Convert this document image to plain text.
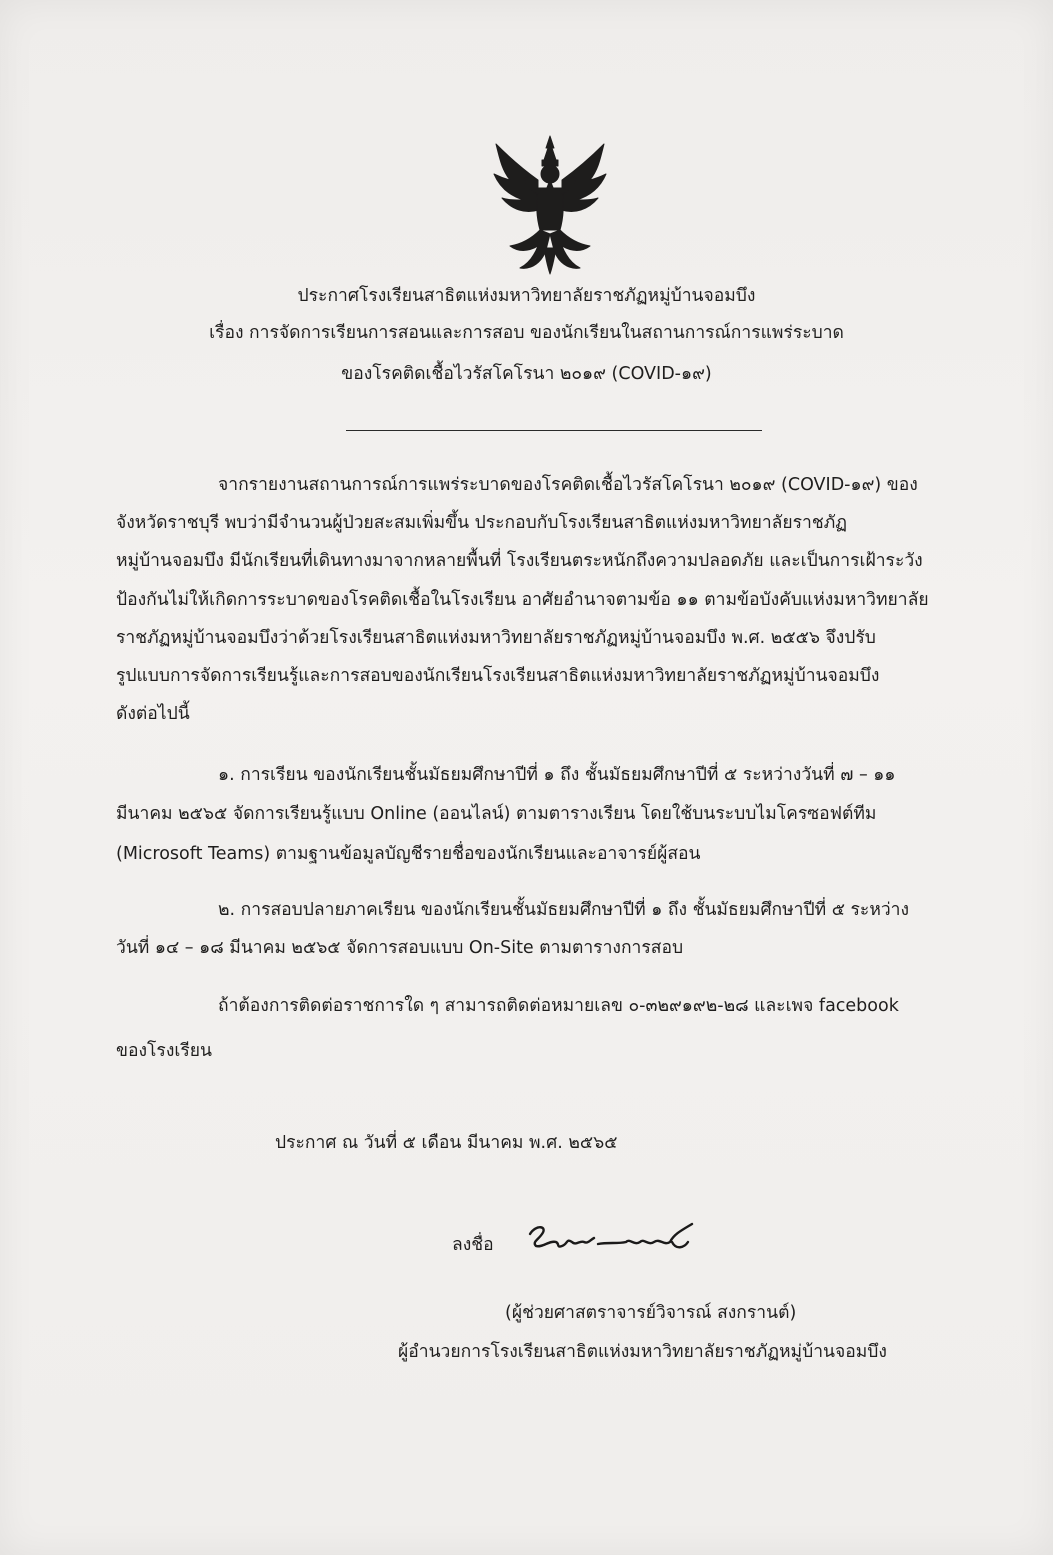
ประกาศโรงเรียนสาธิตแห่งมหาวิทยาลัยราชภัฏหมู่บ้านจอมบึง
เรื่อง การจัดการเรียนการสอนและการสอบ ของนักเรียนในสถานการณ์การแพร่ระบาด
ของโรคติดเชื้อไวรัสโคโรนา ๒๐๑๙ (COVID-๑๙)
จากรายงานสถานการณ์การแพร่ระบาดของโรคติดเชื้อไวรัสโคโรนา ๒๐๑๙ (COVID-๑๙) ของ
จังหวัดราชบุรี พบว่ามีจำนวนผู้ป่วยสะสมเพิ่มขึ้น ประกอบกับโรงเรียนสาธิตแห่งมหาวิทยาลัยราชภัฏ
หมู่บ้านจอมบึง มีนักเรียนที่เดินทางมาจากหลายพื้นที่ โรงเรียนตระหนักถึงความปลอดภัย และเป็นการเฝ้าระวัง
ป้องกันไม่ให้เกิดการระบาดของโรคติดเชื้อในโรงเรียน อาศัยอำนาจตามข้อ ๑๑ ตามข้อบังคับแห่งมหาวิทยาลัย
ราชภัฏหมู่บ้านจอมบึงว่าด้วยโรงเรียนสาธิตแห่งมหาวิทยาลัยราชภัฏหมู่บ้านจอมบึง พ.ศ. ๒๕๕๖ จึงปรับ
รูปแบบการจัดการเรียนรู้และการสอบของนักเรียนโรงเรียนสาธิตแห่งมหาวิทยาลัยราชภัฏหมู่บ้านจอมบึง
ดังต่อไปนี้
๑. การเรียน ของนักเรียนชั้นมัธยมศึกษาปีที่ ๑ ถึง ชั้นมัธยมศึกษาปีที่ ๕ ระหว่างวันที่ ๗ – ๑๑
มีนาคม ๒๕๖๕ จัดการเรียนรู้แบบ Online (ออนไลน์) ตามตารางเรียน โดยใช้บนระบบไมโครซอฟต์ทีม
(Microsoft Teams) ตามฐานข้อมูลบัญชีรายชื่อของนักเรียนและอาจารย์ผู้สอน
๒. การสอบปลายภาคเรียน ของนักเรียนชั้นมัธยมศึกษาปีที่ ๑ ถึง ชั้นมัธยมศึกษาปีที่ ๕ ระหว่าง
วันที่ ๑๔ – ๑๘ มีนาคม ๒๕๖๕ จัดการสอบแบบ On-Site ตามตารางการสอบ
ถ้าต้องการติดต่อราชการใด ๆ สามารถติดต่อหมายเลข ๐-๓๒๙๑๙๒-๒๘ และเพจ facebook
ของโรงเรียน
ประกาศ ณ วันที่ ๕ เดือน มีนาคม พ.ศ. ๒๕๖๕
ลงชื่อ
(ผู้ช่วยศาสตราจารย์วิจารณ์ สงกรานต์)
ผู้อำนวยการโรงเรียนสาธิตแห่งมหาวิทยาลัยราชภัฏหมู่บ้านจอมบึง
